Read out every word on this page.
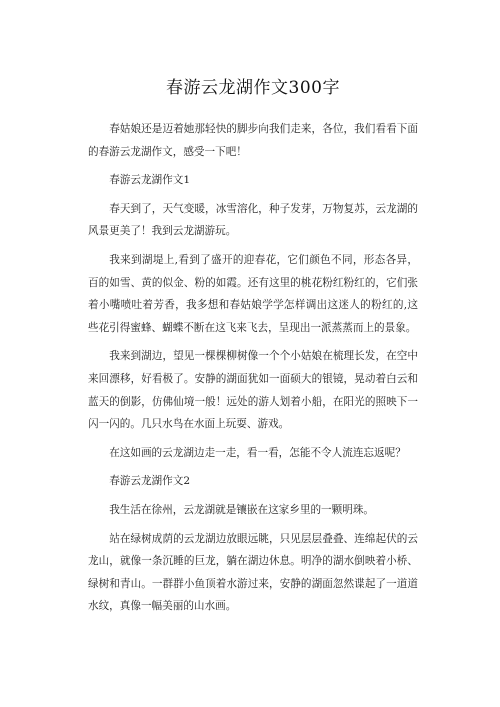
春游云龙湖作文300字

春姑娘还是迈着她那轻快的脚步向我们走来，各位，我们看看下面的春游云龙湖作文，感受一下吧！

春游云龙湖作文1

春天到了，天气变暖，冰雪溶化，种子发芽，万物复苏，云龙湖的风景更美了！我到云龙湖游玩。

我来到湖堤上,看到了盛开的迎春花，它们颜色不同，形态各异，百的如雪、黄的似金、粉的如霞。还有这里的桃花粉红粉红的，它们张着小嘴喷吐着芳香，我多想和春姑娘学学怎样调出这迷人的粉红的,这些花引得蜜蜂、蝴蝶不断在这飞来飞去，呈现出一派蒸蒸而上的景象。

我来到湖边，望见一棵棵柳树像一个个小姑娘在梳理长发，在空中来回漂移，好看极了。安静的湖面犹如一面硕大的银镜，晃动着白云和蓝天的倒影，仿佛仙境一般！远处的游人划着小船，在阳光的照映下一闪一闪的。几只水鸟在水面上玩耍、游戏。

在这如画的云龙湖边走一走，看一看，怎能不令人流连忘返呢？

春游云龙湖作文2

我生活在徐州，云龙湖就是镶嵌在这家乡里的一颗明珠。

站在绿树成荫的云龙湖边放眼远眺，只见层层叠叠、连绵起伏的云龙山，就像一条沉睡的巨龙，躺在湖边休息。明净的湖水倒映着小桥、绿树和青山。一群群小鱼顶着水游过来，安静的湖面忽然谍起了一道道水纹，真像一幅美丽的山水画。
